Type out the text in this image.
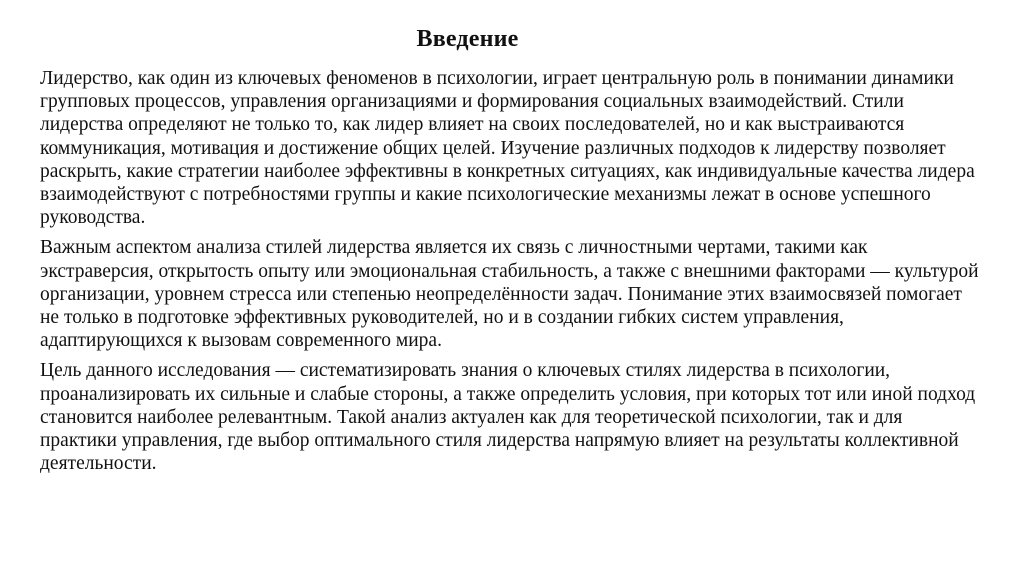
Введение

Лидерство, как один из ключевых феноменов в психологии, играет центральную роль в понимании динамики групповых процессов, управления организациями и формирования социальных взаимодействий. Стили лидерства определяют не только то, как лидер влияет на своих последователей, но и как выстраиваются коммуникация, мотивация и достижение общих целей. Изучение различных подходов к лидерству позволяет раскрыть, какие стратегии наиболее эффективны в конкретных ситуациях, как индивидуальные качества лидера взаимодействуют с потребностями группы и какие психологические механизмы лежат в основе успешного руководства.

Важным аспектом анализа стилей лидерства является их связь с личностными чертами, такими как экстраверсия, открытость опыту или эмоциональная стабильность, а также с внешними факторами — культурой организации, уровнем стресса или степенью неопределённости задач. Понимание этих взаимосвязей помогает не только в подготовке эффективных руководителей, но и в создании гибких систем управления, адаптирующихся к вызовам современного мира.

Цель данного исследования — систематизировать знания о ключевых стилях лидерства в психологии, проанализировать их сильные и слабые стороны, а также определить условия, при которых тот или иной подход становится наиболее релевантным. Такой анализ актуален как для теоретической психологии, так и для практики управления, где выбор оптимального стиля лидерства напрямую влияет на результаты коллективной деятельности.
